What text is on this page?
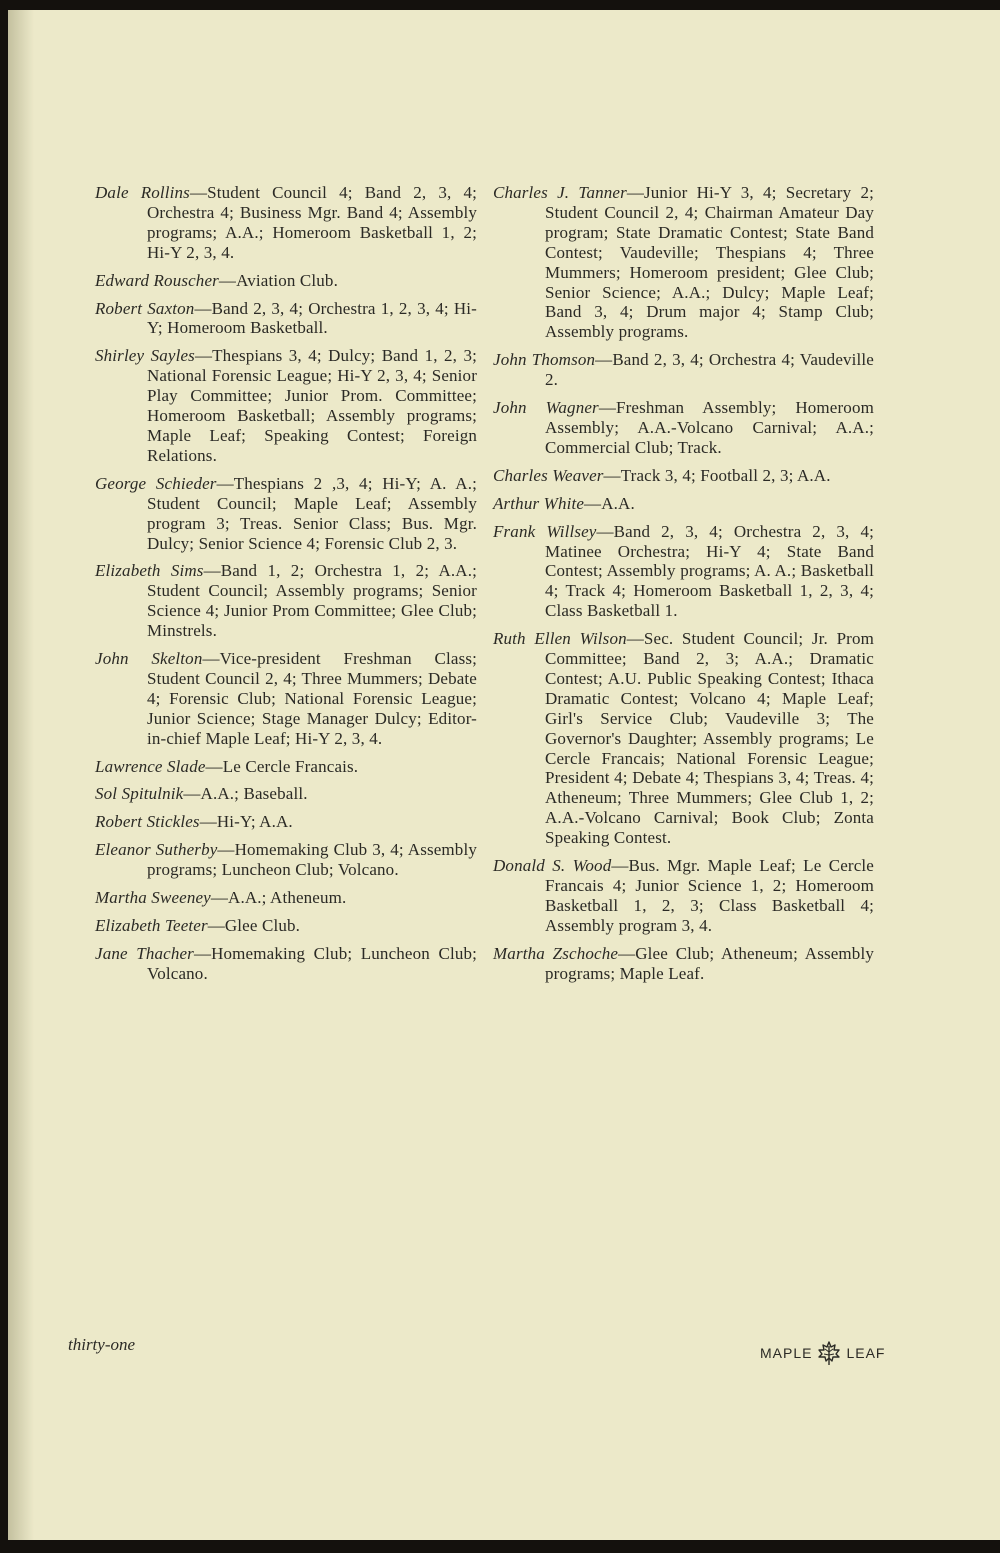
Dale Rollins—Student Council 4; Band 2, 3, 4; Orchestra 4; Business Mgr. Band 4; Assembly programs; A.A.; Homeroom Basketball 1, 2; Hi-Y 2, 3, 4.

Edward Rouscher—Aviation Club.

Robert Saxton—Band 2, 3, 4; Orchestra 1, 2, 3, 4; Hi-Y; Homeroom Basketball.

Shirley Sayles—Thespians 3, 4; Dulcy; Band 1, 2, 3; National Forensic League; Hi-Y 2, 3, 4; Senior Play Committee; Junior Prom. Committee; Homeroom Basketball; Assembly programs; Maple Leaf; Speaking Contest; Foreign Relations.

George Schieder—Thespians 2 ,3, 4; Hi-Y; A. A.; Student Council; Maple Leaf; Assembly program 3; Treas. Senior Class; Bus. Mgr. Dulcy; Senior Science 4; Forensic Club 2, 3.

Elizabeth Sims—Band 1, 2; Orchestra 1, 2; A.A.; Student Council; Assembly programs; Senior Science 4; Junior Prom Committee; Glee Club; Minstrels.

John Skelton—Vice-president Freshman Class; Student Council 2, 4; Three Mummers; Debate 4; Forensic Club; National Forensic League; Junior Science; Stage Manager Dulcy; Editor-in-chief Maple Leaf; Hi-Y 2, 3, 4.

Lawrence Slade—Le Cercle Francais.

Sol Spitulnik—A.A.; Baseball.

Robert Stickles—Hi-Y; A.A.

Eleanor Sutherby—Homemaking Club 3, 4; Assembly programs; Luncheon Club; Volcano.

Martha Sweeney—A.A.; Atheneum.

Elizabeth Teeter—Glee Club.

Jane Thacher—Homemaking Club; Luncheon Club; Volcano.

Charles J. Tanner—Junior Hi-Y 3, 4; Secretary 2; Student Council 2, 4; Chairman Amateur Day program; State Dramatic Contest; State Band Contest; Vaudeville; Thespians 4; Three Mummers; Homeroom president; Glee Club; Senior Science; A.A.; Dulcy; Maple Leaf; Band 3, 4; Drum major 4; Stamp Club; Assembly programs.

John Thomson—Band 2, 3, 4; Orchestra 4; Vaudeville 2.

John Wagner—Freshman Assembly; Homeroom Assembly; A.A.-Volcano Carnival; A.A.; Commercial Club; Track.

Charles Weaver—Track 3, 4; Football 2, 3; A.A.

Arthur White—A.A.

Frank Willsey—Band 2, 3, 4; Orchestra 2, 3, 4; Matinee Orchestra; Hi-Y 4; State Band Contest; Assembly programs; A. A.; Basketball 4; Track 4; Homeroom Basketball 1, 2, 3, 4; Class Basketball 1.

Ruth Ellen Wilson—Sec. Student Council; Jr. Prom Committee; Band 2, 3; A.A.; Dramatic Contest; A.U. Public Speaking Contest; Ithaca Dramatic Contest; Volcano 4; Maple Leaf; Girl's Service Club; Vaudeville 3; The Governor's Daughter; Assembly programs; Le Cercle Francais; National Forensic League; President 4; Debate 4; Thespians 3, 4; Treas. 4; Atheneum; Three Mummers; Glee Club 1, 2; A.A.-Volcano Carnival; Book Club; Zonta Speaking Contest.

Donald S. Wood—Bus. Mgr. Maple Leaf; Le Cercle Francais 4; Junior Science 1, 2; Homeroom Basketball 1, 2, 3; Class Basketball 4; Assembly program 3, 4.

Martha Zschoche—Glee Club; Atheneum; Assembly programs; Maple Leaf.

thirty-one	MAPLE LEAF
